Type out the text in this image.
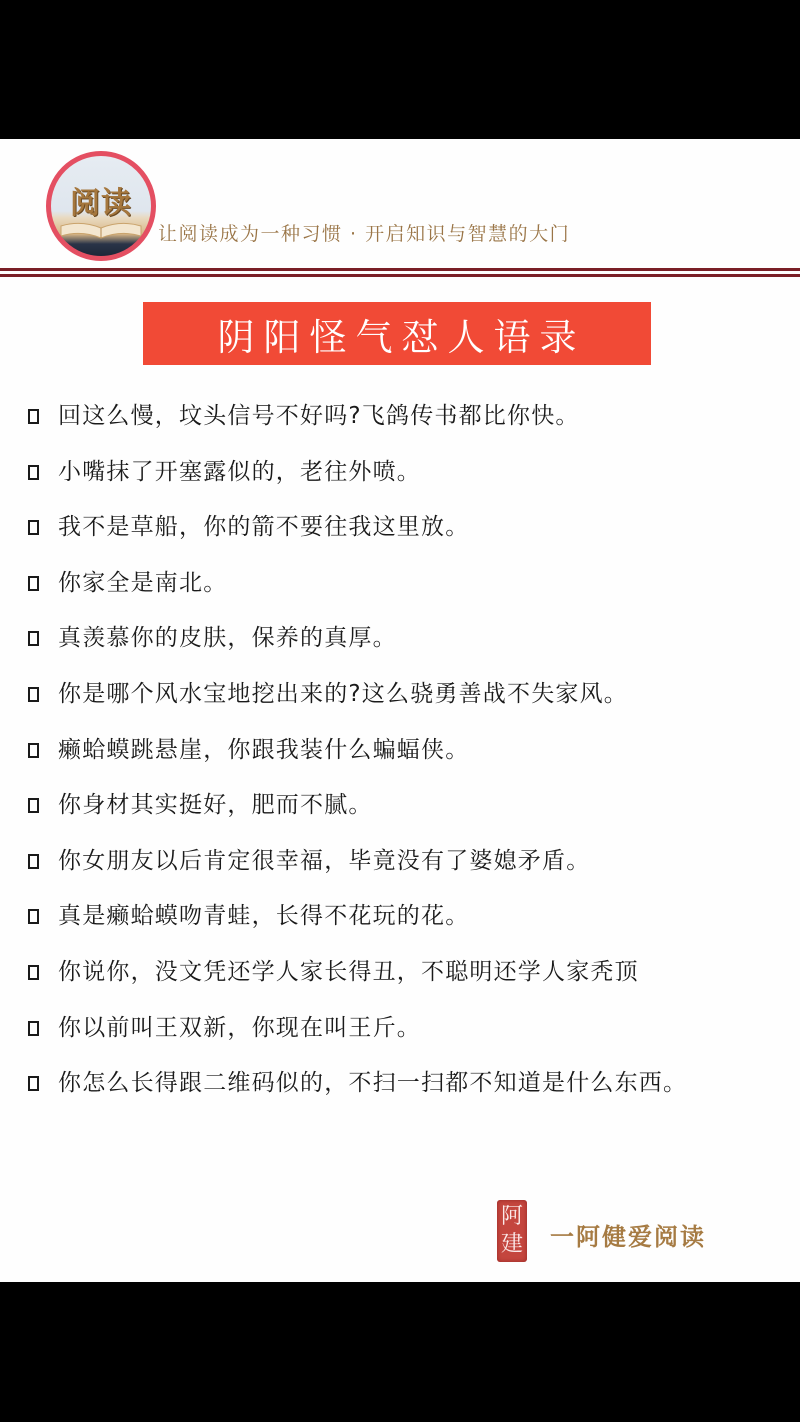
阅读
让阅读成为一种习惯 · 开启知识与智慧的大门
阴阳怪气怼人语录
回这么慢，坟头信号不好吗?飞鸽传书都比你快。
小嘴抹了开塞露似的，老往外喷。
我不是草船，你的箭不要往我这里放。
你家全是南北。
真羡慕你的皮肤，保养的真厚。
你是哪个风水宝地挖出来的?这么骁勇善战不失家风。
癞蛤蟆跳悬崖，你跟我装什么蝙蝠侠。
你身材其实挺好，肥而不腻。
你女朋友以后肯定很幸福，毕竟没有了婆媳矛盾。
真是癞蛤蟆吻青蛙，长得不花玩的花。
你说你，没文凭还学人家长得丑，不聪明还学人家秃顶
你以前叫王双新，你现在叫王斤。
你怎么长得跟二维码似的，不扫一扫都不知道是什么东西。
阿
建 一阿健爱阅读
